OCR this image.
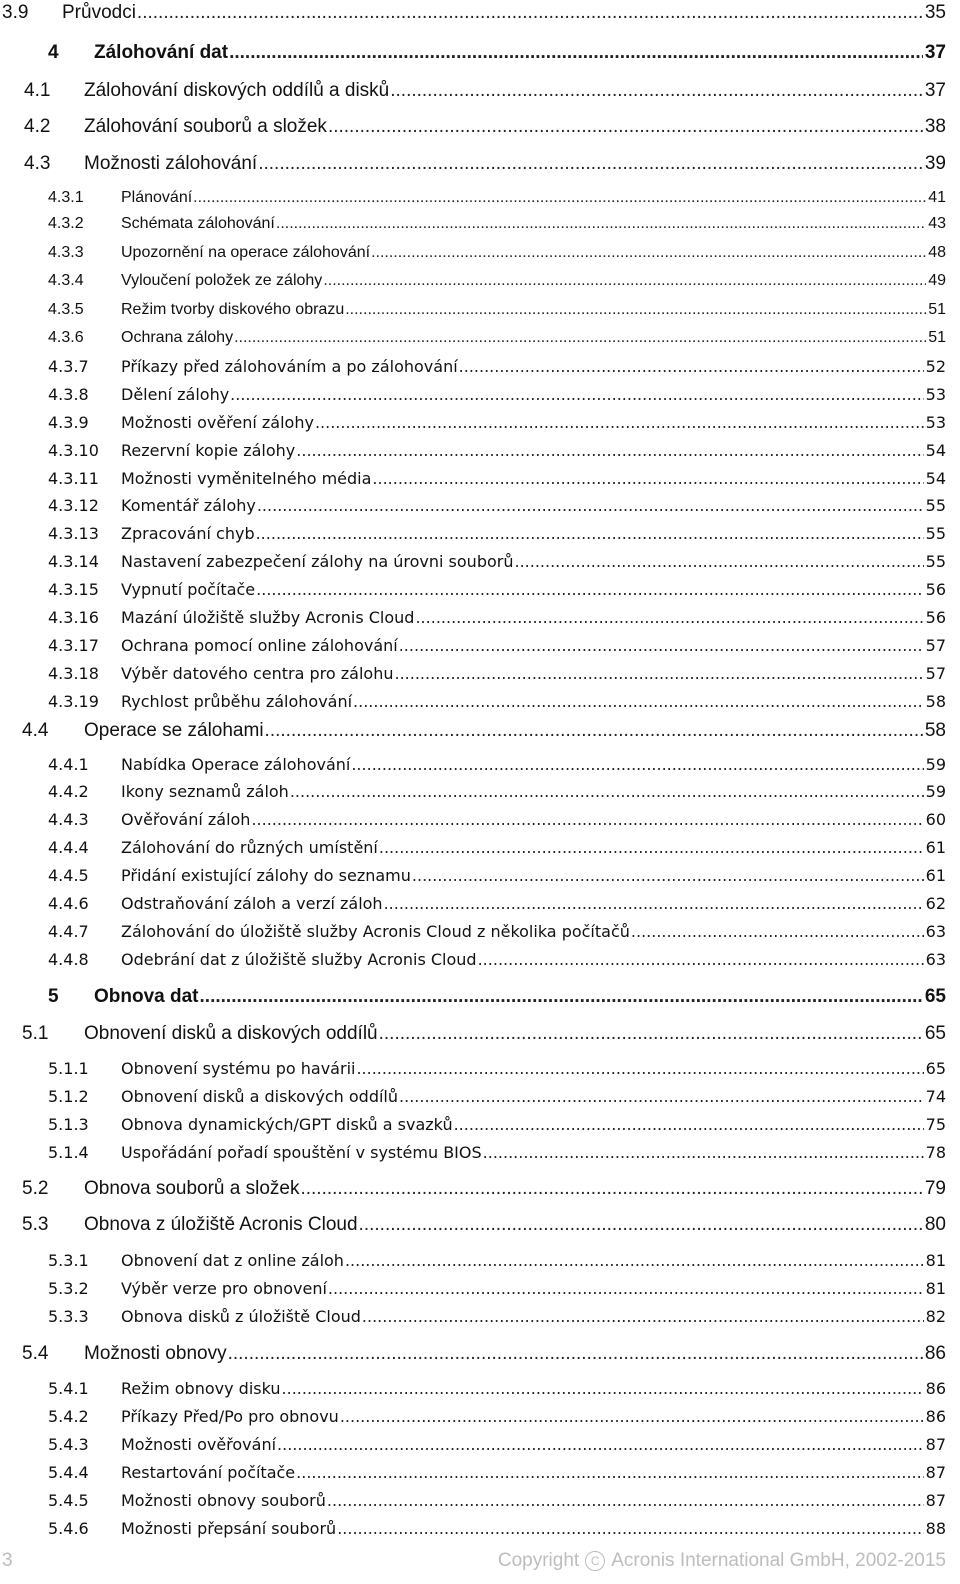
3.9	Průvodci .....	35
4	Zálohování dat .....	37
4.1	Zálohování diskových oddílů a disků .....	37
4.2	Zálohování souborů a složek .....	38
4.3	Možnosti zálohování .....	39
4.3.1	Plánování .....	41
4.3.2	Schémata zálohování .....	43
4.3.3	Upozornění na operace zálohování .....	48
4.3.4	Vyloučení položek ze zálohy .....	49
4.3.5	Režim tvorby diskového obrazu .....	51
4.3.6	Ochrana zálohy .....	51
4.3.7	Příkazy před zálohováním a po zálohování .....	52
4.3.8	Dělení zálohy .....	53
4.3.9	Možnosti ověření zálohy .....	53
4.3.10	Rezervní kopie zálohy .....	54
4.3.11	Možnosti vyměnitelného média .....	54
4.3.12	Komentář zálohy .....	55
4.3.13	Zpracování chyb .....	55
4.3.14	Nastavení zabezpečení zálohy na úrovni souborů .....	55
4.3.15	Vypnutí počítače .....	56
4.3.16	Mazání úložiště služby Acronis Cloud .....	56
4.3.17	Ochrana pomocí online zálohování .....	57
4.3.18	Výběr datového centra pro zálohu .....	57
4.3.19	Rychlost průběhu zálohování .....	58
4.4	Operace se zálohami .....	58
4.4.1	Nabídka Operace zálohování .....	59
4.4.2	Ikony seznamů záloh .....	59
4.4.3	Ověřování záloh .....	60
4.4.4	Zálohování do různých umístění .....	61
4.4.5	Přidání existující zálohy do seznamu .....	61
4.4.6	Odstraňování záloh a verzí záloh .....	62
4.4.7	Zálohování do úložiště služby Acronis Cloud z několika počítačů .....	63
4.4.8	Odebrání dat z úložiště služby Acronis Cloud .....	63
5	Obnova dat .....	65
5.1	Obnovení disků a diskových oddílů .....	65
5.1.1	Obnovení systému po havárii .....	65
5.1.2	Obnovení disků a diskových oddílů .....	74
5.1.3	Obnova dynamických/GPT disků a svazků .....	75
5.1.4	Uspořádání pořadí spouštění v systému BIOS .....	78
5.2	Obnova souborů a složek .....	79
5.3	Obnova z úložiště Acronis Cloud .....	80
5.3.1	Obnovení dat z online záloh .....	81
5.3.2	Výběr verze pro obnovení .....	81
5.3.3	Obnova disků z úložiště Cloud .....	82
5.4	Možnosti obnovy .....	86
5.4.1	Režim obnovy disku .....	86
5.4.2	Příkazy Před/Po pro obnovu .....	86
5.4.3	Možnosti ověřování .....	87
5.4.4	Restartování počítače .....	87
5.4.5	Možnosti obnovy souborů .....	87
5.4.6	Možnosti přepsání souborů .....	88
3	Copyright C Acronis International GmbH, 2002-2015
